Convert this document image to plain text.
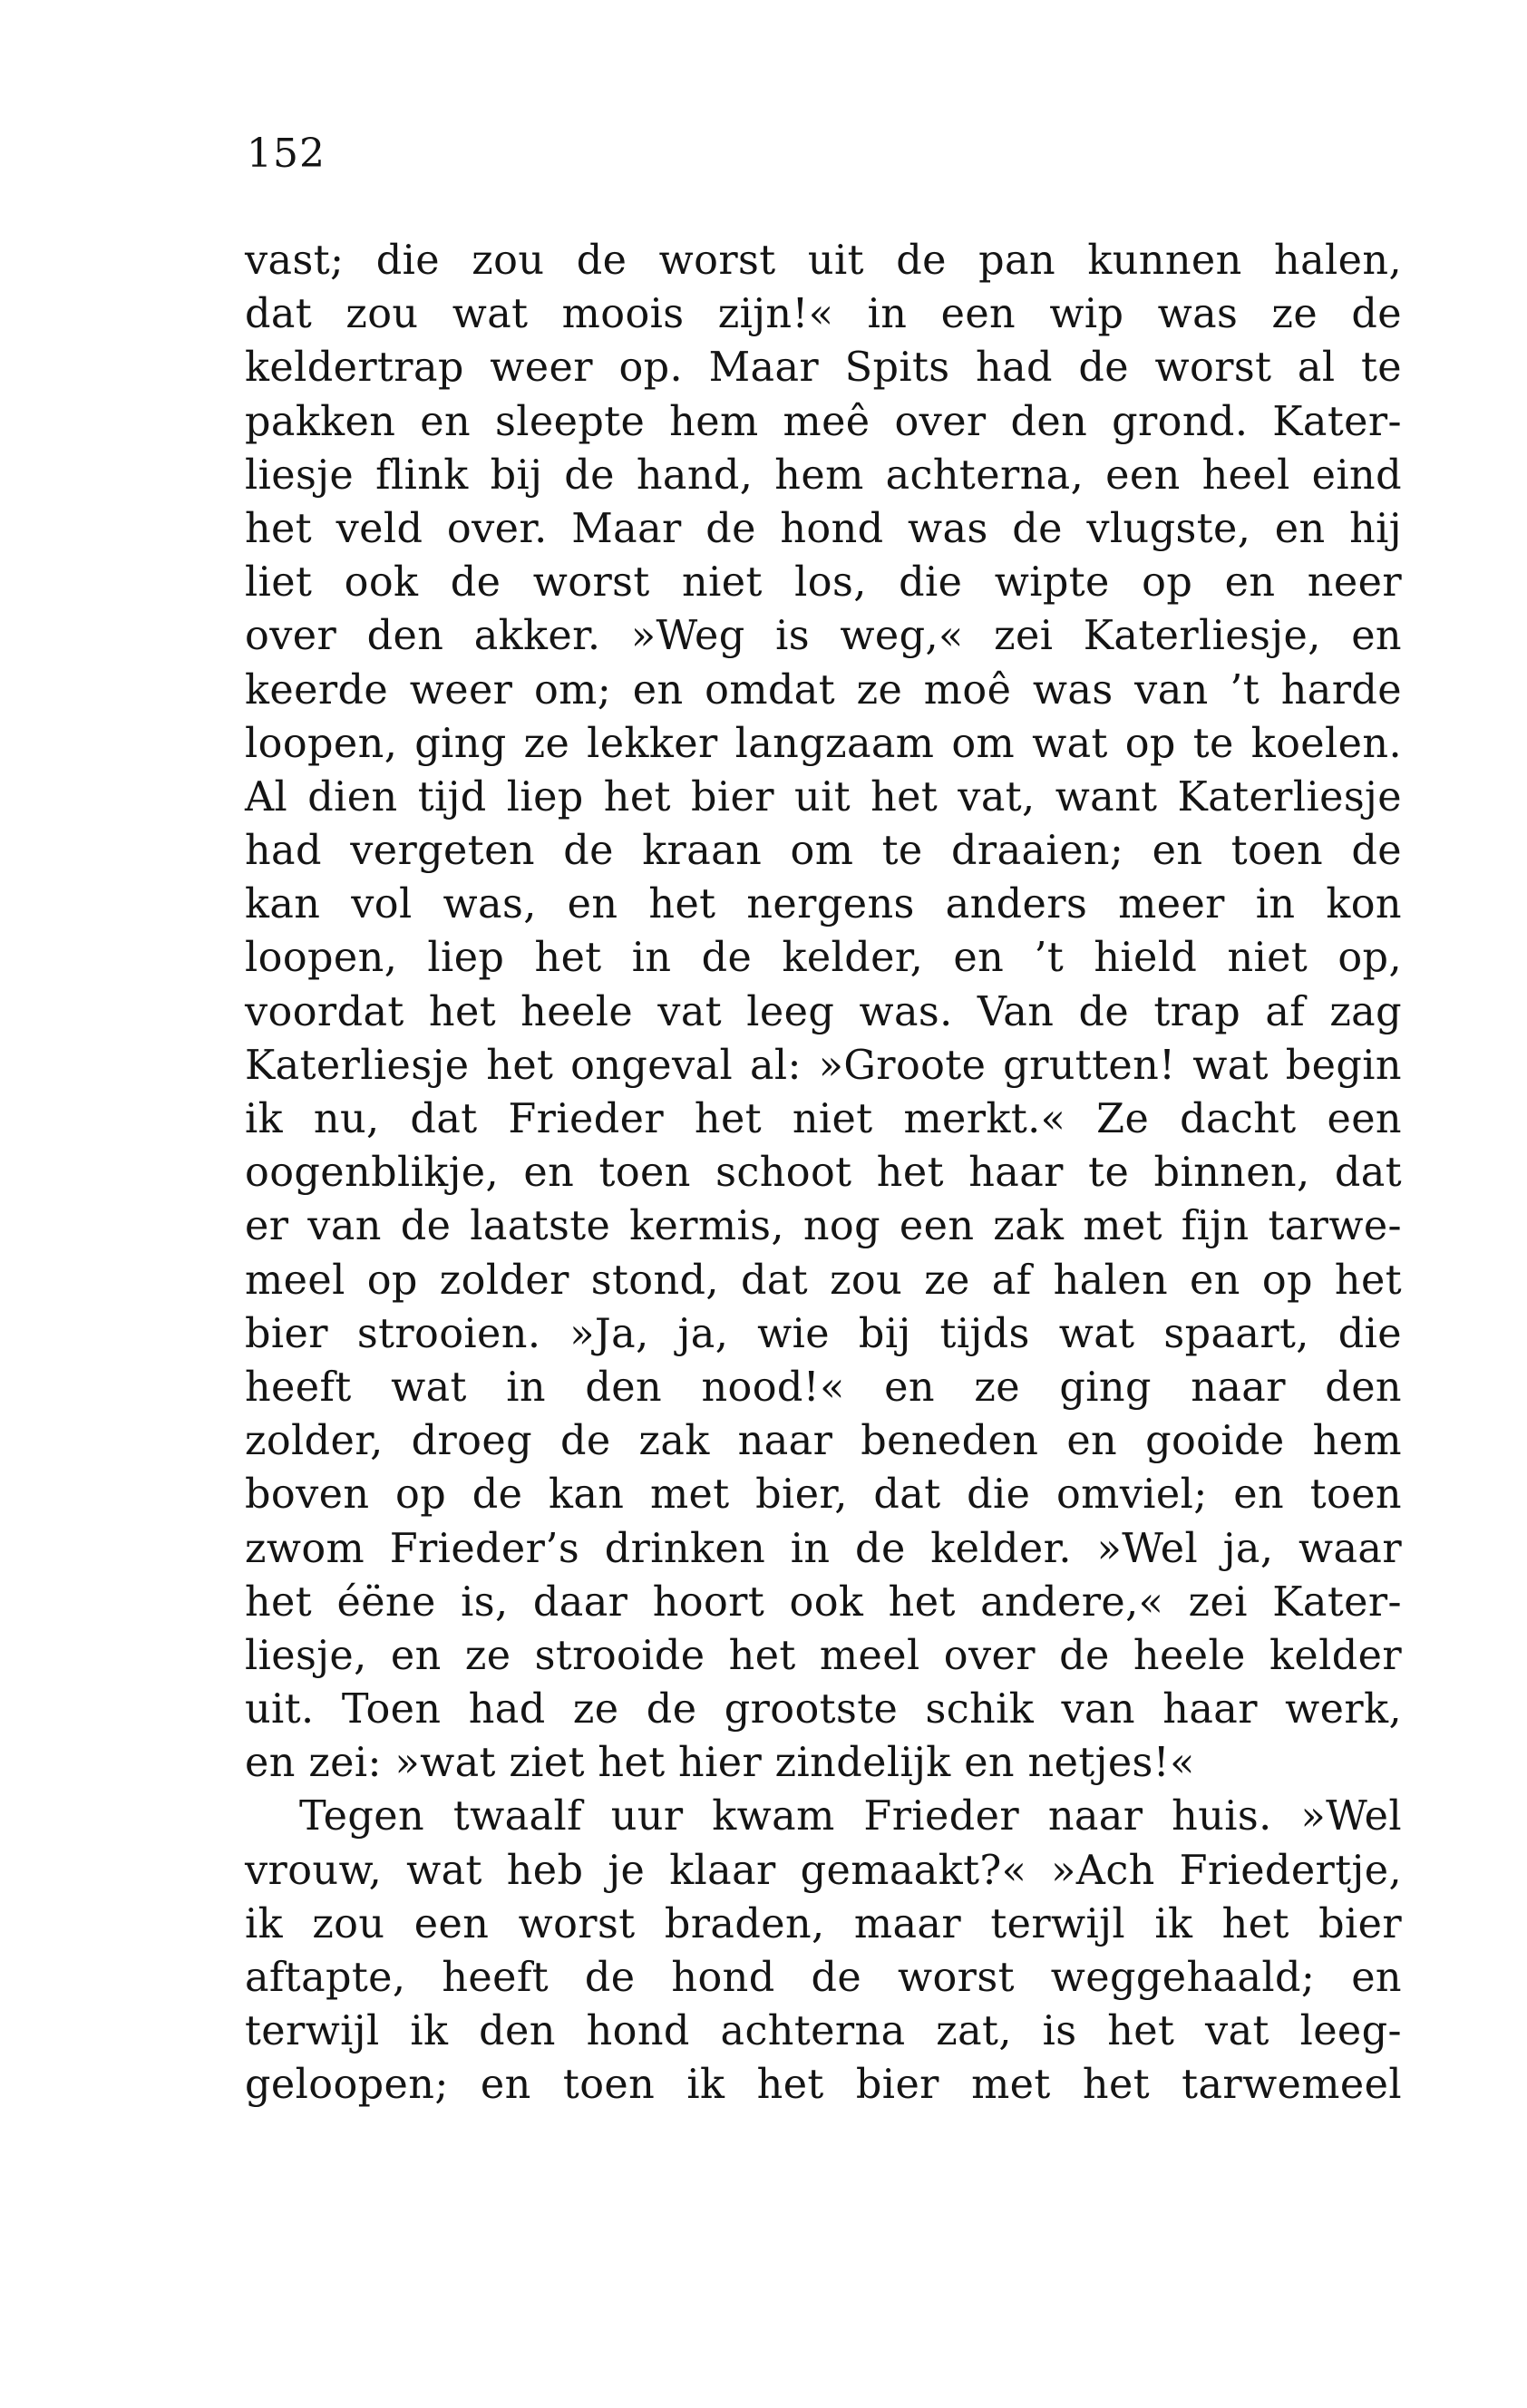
152
vast; die zou de worst uit de pan kunnen halen,
dat zou wat moois zijn!« in een wip was ze de
keldertrap weer op. Maar Spits had de worst al te
pakken en sleepte hem meê over den grond. Kater-
liesje flink bij de hand, hem achterna, een heel eind
het veld over. Maar de hond was de vlugste, en hij
liet ook de worst niet los, die wipte op en neer
over den akker. »Weg is weg,« zei Katerliesje, en
keerde weer om; en omdat ze moê was van ’t harde
loopen, ging ze lekker langzaam om wat op te koelen.
Al dien tijd liep het bier uit het vat, want Katerliesje
had vergeten de kraan om te draaien; en toen de
kan vol was, en het nergens anders meer in kon
loopen, liep het in de kelder, en ’t hield niet op,
voordat het heele vat leeg was. Van de trap af zag
Katerliesje het ongeval al: »Groote grutten! wat begin
ik nu, dat Frieder het niet merkt.« Ze dacht een
oogenblikje, en toen schoot het haar te binnen, dat
er van de laatste kermis, nog een zak met fijn tarwe-
meel op zolder stond, dat zou ze af halen en op het
bier strooien. »Ja, ja, wie bij tijds wat spaart, die
heeft wat in den nood!« en ze ging naar den
zolder, droeg de zak naar beneden en gooide hem
boven op de kan met bier, dat die omviel; en toen
zwom Frieder’s drinken in de kelder. »Wel ja, waar
het éëne is, daar hoort ook het andere,« zei Kater-
liesje, en ze strooide het meel over de heele kelder
uit. Toen had ze de grootste schik van haar werk,
en zei: »wat ziet het hier zindelijk en netjes!«
Tegen twaalf uur kwam Frieder naar huis. »Wel
vrouw, wat heb je klaar gemaakt?« »Ach Friedertje,
ik zou een worst braden, maar terwijl ik het bier
aftapte, heeft de hond de worst weggehaald; en
terwijl ik den hond achterna zat, is het vat leeg-
geloopen; en toen ik het bier met het tarwemeel
